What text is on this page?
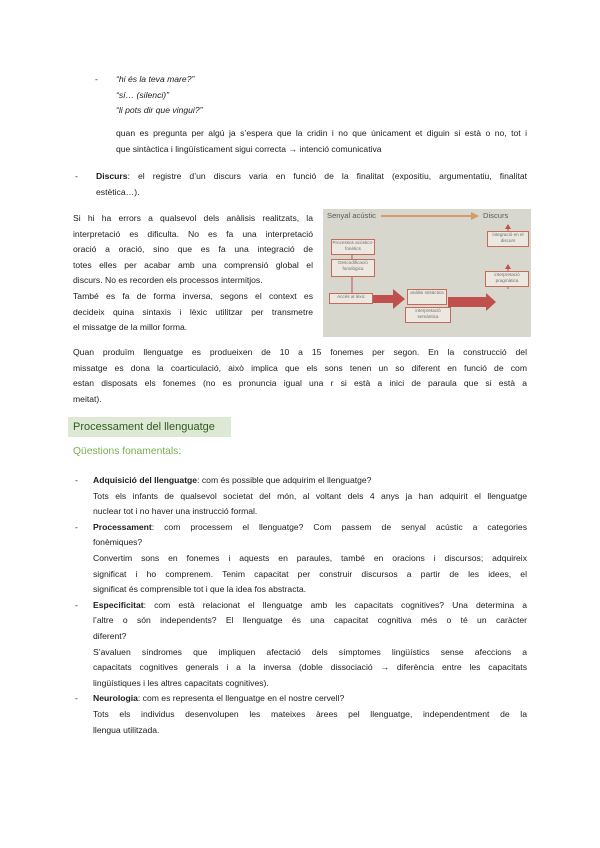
- “hi és la teva mare?”
“sí… (silenci)”
“li pots dir que vingui?”
quan es pregunta per algú ja s’espera que la cridin i no que únicament et diguin si està o no, tot i
que sintàctica i lingüísticament sigui correcta → intenció comunicativa
- Discurs: el registre d’un discurs varia en funció de la finalitat (expositiu, argumentatiu, finalitat
estètica…).
Si hi ha errors a qualsevol dels anàlisis realitzats, la
interpretació es dificulta. No es fa una interpretació
oració a oració, sino que es fa una integració de
totes elles per acabar amb una comprensió global el
discurs. No es recorden els processos intermitjos.
També es fa de forma inversa, segons el context es
decideix quina sintaxis i lèxic utilitzar per transmetre
el missatge de la millor forma.
Senyal acústic	Discurs
Processos acústico-fonètics
Descodificació fonològica
Accés al lèxic
anàlisi sintàctica
interpretació semàntica
integració en el discurs
interpretació pragmàtica
Quan produïm llenguatge es produeixen de 10 a 15 fonemes per segon. En la construcció del
missatge es dona la coarticulació, això implica que els sons tenen un so diferent en funció de com
estan disposats els fonemes (no es pronuncia igual una r si està a inici de paraula que si està a
meitat).
Processament del llenguatge
Qüestions fonamentals:
- Adquisició del llenguatge: com és possible que adquirim el llenguatge?
Tots els infants de qualsevol societat del món, al voltant dels 4 anys ja han adquirit el llenguatge
nuclear tot i no haver una instrucció formal.
- Processament: com processem el llenguatge? Com passem de senyal acústic a categories
fonèmiques?
Convertim sons en fonemes i aquests en paraules, també en oracions i discursos; adquireix
significat i ho comprenem. Tenim capacitat per construir discursos a partir de les idees, el
significat és comprensible tot i que la idea fos abstracta.
- Especificitat: com està relacionat el llenguatge amb les capacitats cognitives? Una determina a
l’altre o són independents? El llenguatge és una capacitat cognitiva més o té un caràcter
diferent?
S’avaluen síndromes que impliquen afectació dels símptomes lingüístics sense afeccions a
capacitats cognitives generals i a la inversa (doble dissociació → diferència entre les capacitats
lingüístiques i les altres capacitats cognitives).
- Neurologia: com es representa el llenguatge en el nostre cervell?
Tots els individus desenvolupen les mateixes àrees pel llenguatge, independentment de la
llengua utilitzada.
